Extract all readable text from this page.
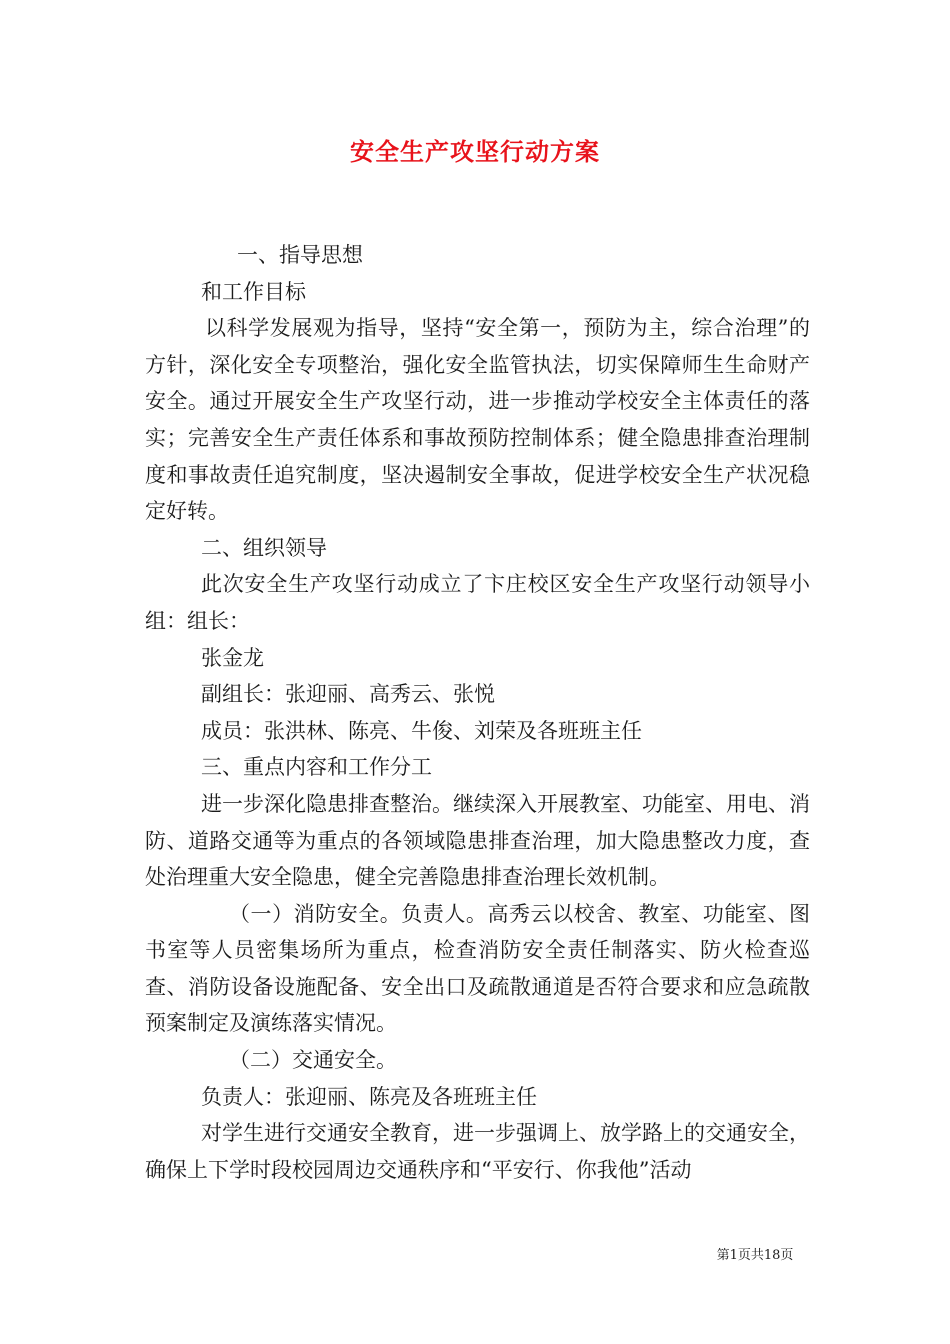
安全生产攻坚行动方案

一、指导思想

和工作目标

以科学发展观为指导，坚持“安全第一，预防为主，综合治理”的方针，深化安全专项整治，强化安全监管执法，切实保障师生生命财产安全。通过开展安全生产攻坚行动，进一步推动学校安全主体责任的落实；完善安全生产责任体系和事故预防控制体系；健全隐患排查治理制度和事故责任追究制度，坚决遏制安全事故，促进学校安全生产状况稳定好转。

二、组织领导

此次安全生产攻坚行动成立了卞庄校区安全生产攻坚行动领导小组：组长：

张金龙

副组长：张迎丽、高秀云、张悦

成员：张洪林、陈亮、牛俊、刘荣及各班班主任

三、重点内容和工作分工

进一步深化隐患排查整治。继续深入开展教室、功能室、用电、消防、道路交通等为重点的各领域隐患排查治理，加大隐患整改力度，查处治理重大安全隐患，健全完善隐患排查治理长效机制。

（一）消防安全。负责人。高秀云以校舍、教室、功能室、图书室等人员密集场所为重点，检查消防安全责任制落实、防火检查巡查、消防设备设施配备、安全出口及疏散通道是否符合要求和应急疏散预案制定及演练落实情况。

（二）交通安全。

负责人：张迎丽、陈亮及各班班主任

对学生进行交通安全教育，进一步强调上、放学路上的交通安全，确保上下学时段校园周边交通秩序和“平安行、你我他”活动

第1页共18页
